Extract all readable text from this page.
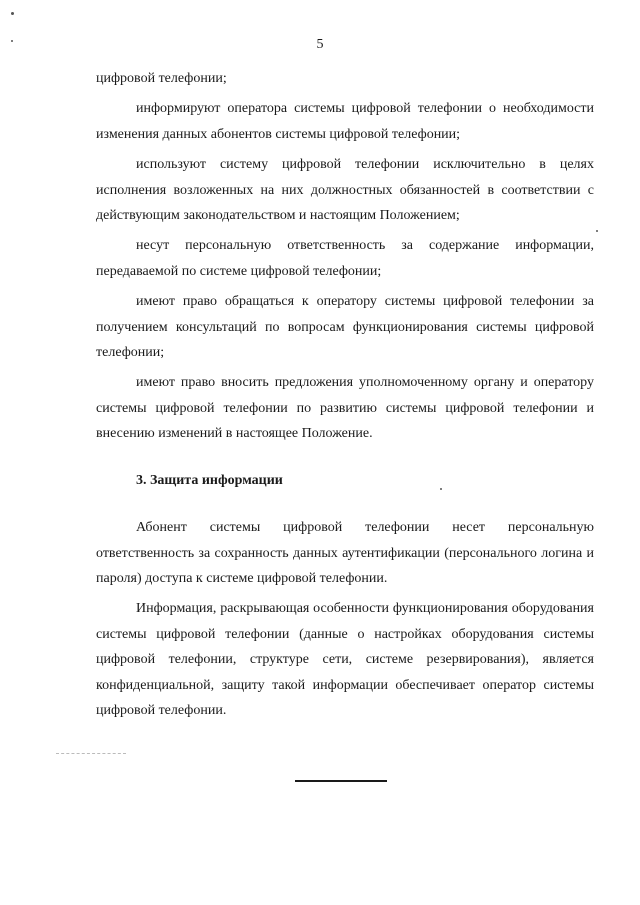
5

цифровой телефонии;

информируют оператора системы цифровой телефонии о необходимости изменения данных абонентов системы цифровой телефонии;

используют систему цифровой телефонии исключительно в целях исполнения возложенных на них должностных обязанностей в соответствии с действующим законодательством и настоящим Положением;

несут персональную ответственность за содержание информации, передаваемой по системе цифровой телефонии;

имеют право обращаться к оператору системы цифровой телефонии за получением консультаций по вопросам функционирования системы цифровой телефонии;

имеют право вносить предложения уполномоченному органу и оператору системы цифровой телефонии по развитию системы цифровой телефонии и внесению изменений в настоящее Положение.

3. Защита информации

Абонент системы цифровой телефонии несет персональную ответственность за сохранность данных аутентификации (персонального логина и пароля) доступа к системе цифровой телефонии.

Информация, раскрывающая особенности функционирования оборудования системы цифровой телефонии (данные о настройках оборудования системы цифровой телефонии, структуре сети, системе резервирования), является конфиденциальной, защиту такой информации обеспечивает оператор системы цифровой телефонии.
